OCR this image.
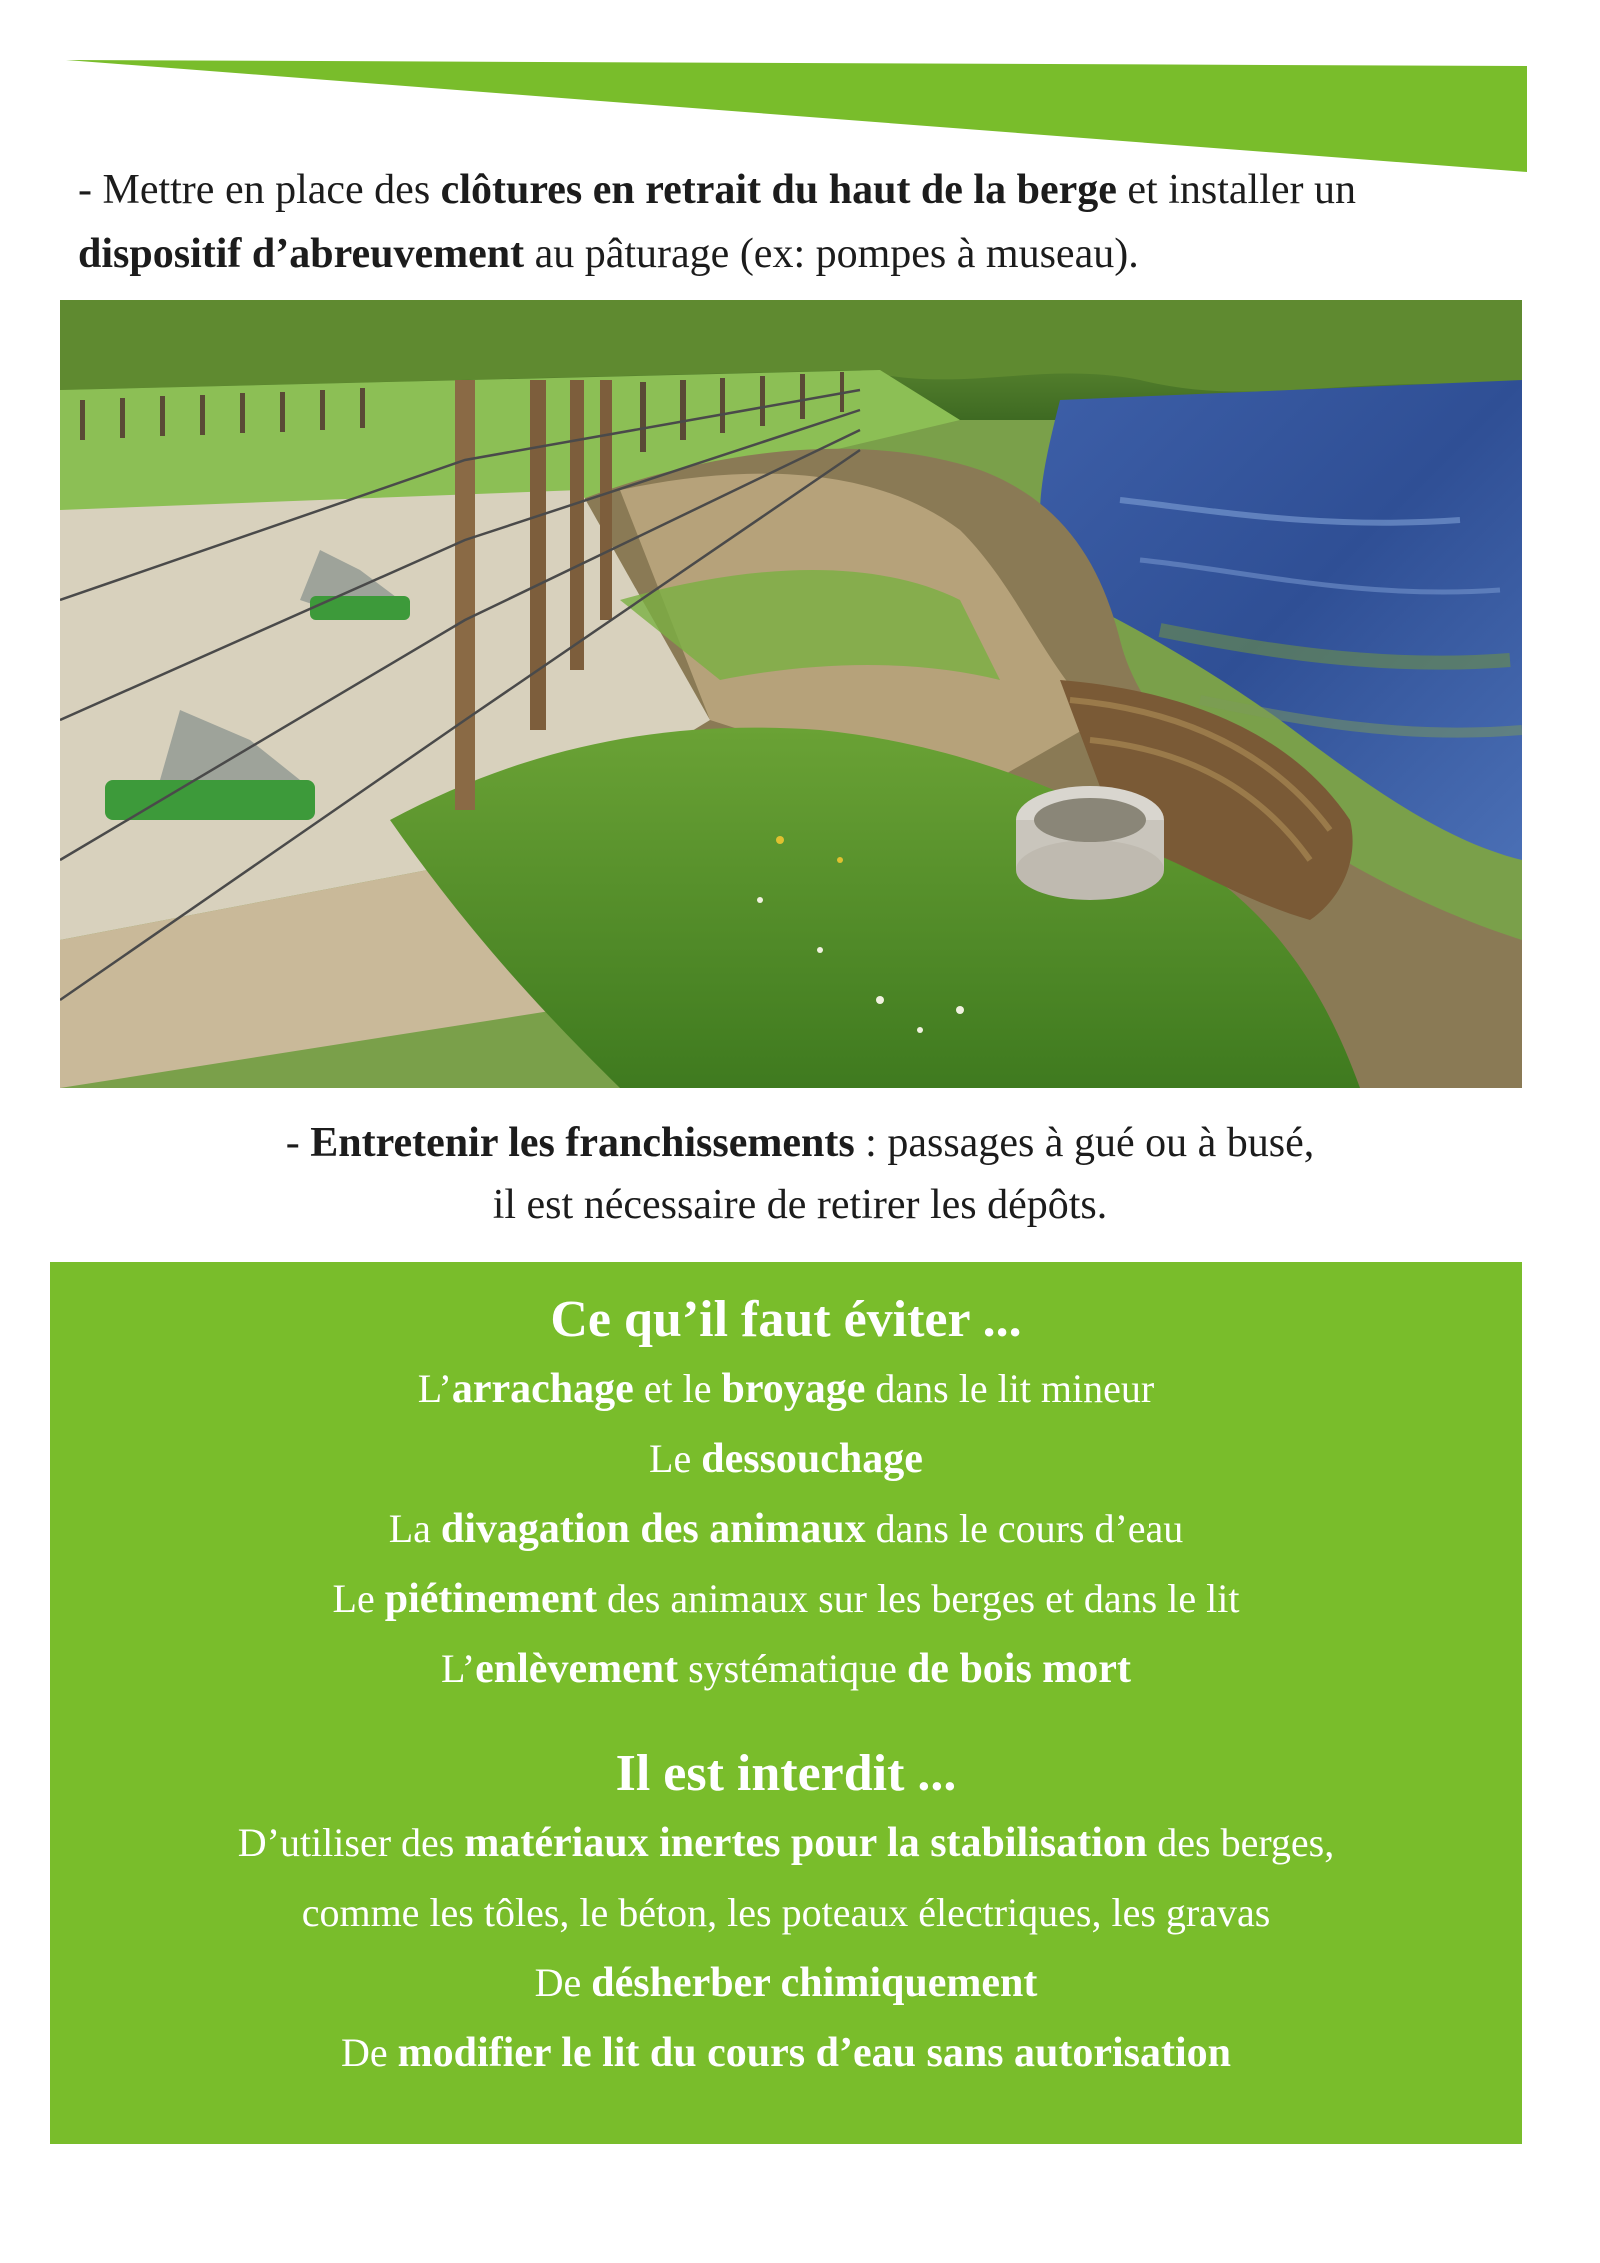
- Mettre en place des clôtures en retrait du haut de la berge et installer un dispositif d’abreuvement au pâturage (ex: pompes à museau).

- Entretenir les franchissements : passages à gué ou à busé,
il est nécessaire de retirer les dépôts.
Ce qu’il faut éviter ...
L’arrachage et le broyage dans le lit mineur
Le dessouchage
La divagation des animaux dans le cours d’eau
Le piétinement des animaux sur les berges et dans le lit
L’enlèvement systématique de bois mort
Il est interdit ...
D’utiliser des matériaux inertes pour la stabilisation des berges,
comme les tôles, le béton, les poteaux électriques, les gravas
De désherber chimiquement
De modifier le lit du cours d’eau sans autorisation
